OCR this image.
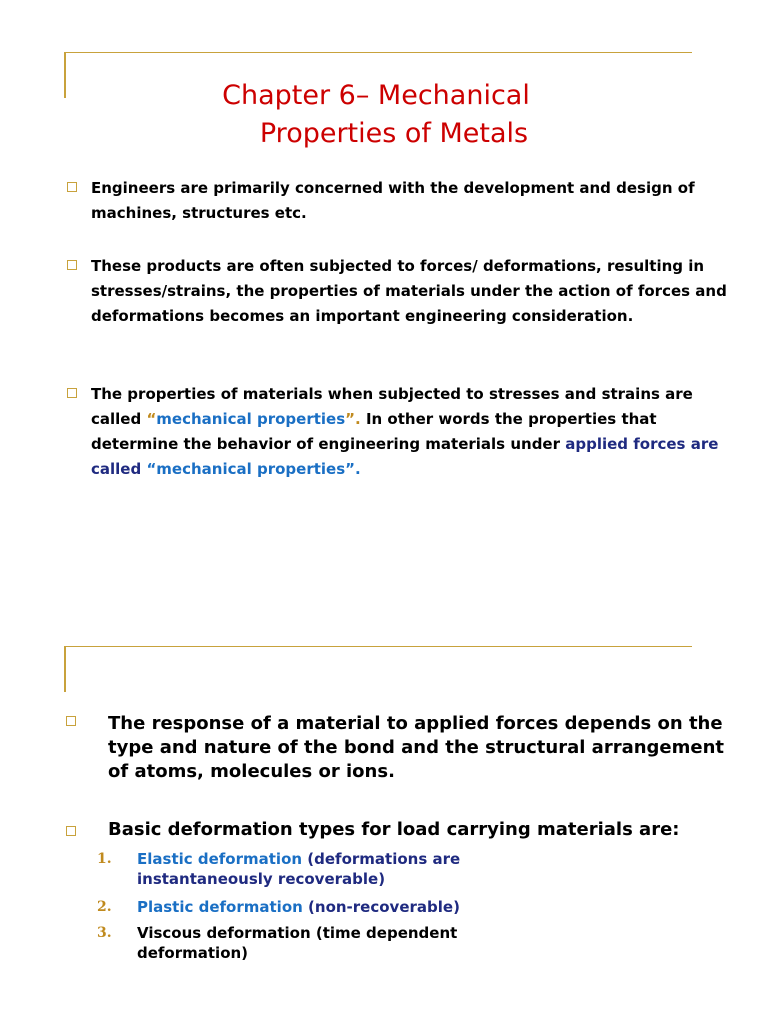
Chapter 6– Mechanical
Properties of Metals
Engineers are primarily concerned with the development and design of machines, structures etc.
These products are often subjected to forces/ deformations, resulting in stresses/strains, the properties of materials under the action of forces and deformations becomes an important engineering consideration.
The properties of materials when subjected to stresses and strains are called “mechanical properties”. In other words the properties that determine the behavior of engineering materials under applied forces are called “mechanical properties”.
The response of a material to applied forces depends on the type and nature of the bond and the structural arrangement of atoms, molecules or ions.
Basic deformation types for load carrying materials are:
1. Elastic deformation (deformations are instantaneously recoverable)
2. Plastic deformation (non-recoverable)
3. Viscous deformation (time dependent deformation)
